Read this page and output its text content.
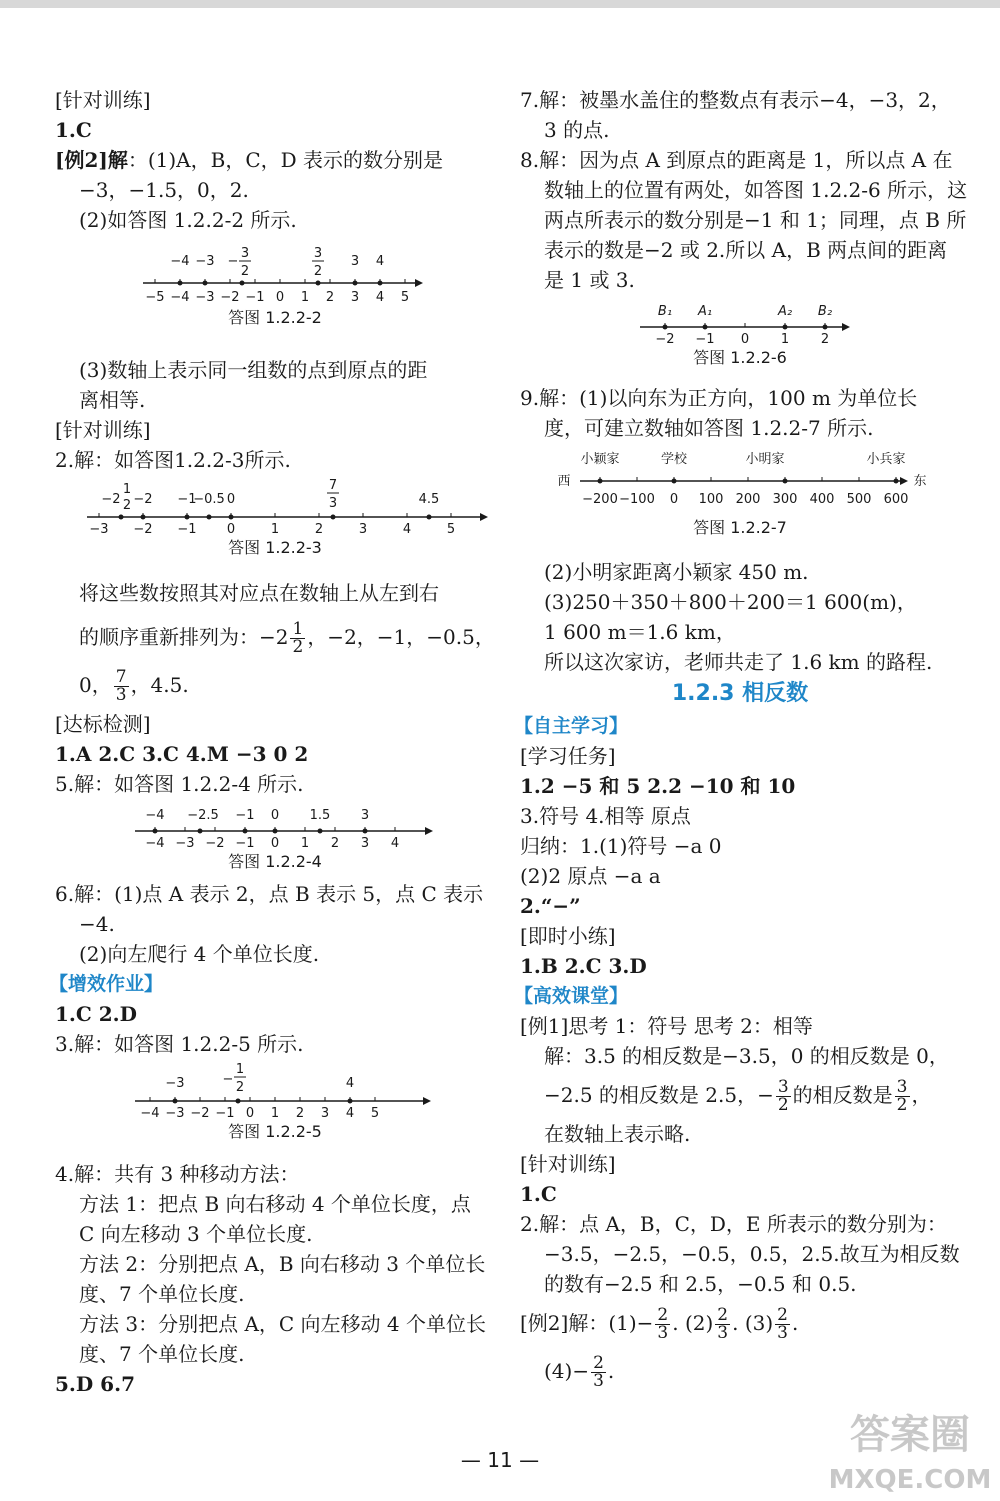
[针对训练]
1.C
[例2]解：(1)A，B，C，D 表示的数分别是
−3，−1.5，0，2.
(2)如答图 1.2.2-2 所示.
−4 −3 −
3
2
3
2
3 4
−5 −4 −3 −2 −1 0 1 2 3 4 5
答图 1.2.2-2
(3)数轴上表示同一组数的点到原点的距
离相等.
[针对训练]
2.解：如答图1.2.2-3所示.
−2
1
2 −2 −1
−0.5 0
7
3	4.5
−3 −2 −1 0	1	2	3	4	5
答图 1.2.2-3
将这些数按照其对应点在数轴上从左到右
的顺序重新排列为：$-2 \frac{1}{2}$ ，−2，−1，−0.5，
0， $\frac{7}{3}$ ，4.5.
[达标检测]
1.A 2.C 3.C 4.M −3 0 2
5.解：如答图 1.2.2-4 所示.
−4 −2.5 −1 0 1.5 3
−4 −3 −2 −1 0 1 2 3 4
答图 1.2.2-4
6.解：(1)点 A 表示 2，点 B 表示 5，点 C 表示
−4.
(2)向左爬行 4 个单位长度.
【增效作业】
1.C 2.D
3.解：如答图 1.2.2-5 所示.
−3	−
1
2	4
−4 −3 −2 −1 0 1 2 3 4 5
答图 1.2.2-5
4.解：共有 3 种移动方法：
方法 1：把点 B 向右移动 4 个单位长度，点
C 向左移动 3 个单位长度.
方法 2：分别把点 A，B 向右移动 3 个单位长
度、7 个单位长度.
方法 3：分别把点 A，C 向左移动 4 个单位长
度、7 个单位长度.
5.D 6.7
7.解：被墨水盖住的整数点有表示−4，−3，2，
3 的点.
8.解：因为点 A 到原点的距离是 1，所以点 A 在
数轴上的位置有两处，如答图 1.2.2-6 所示，这
两点所表示的数分别是−1 和 1；同理，点 B 所
表示的数是−2 或 2.所以 A，B 两点间的距离
是 1 或 3.
B₁ A₁	A₂ B₂
−2 −1 0 1 2
答图 1.2.2-6
9.解：(1)以向东为正方向，100 m 为单位长
度，可建立数轴如答图 1.2.2-7 所示.
小颖家	学校	小明家	小兵家
西	东
−200 −100 0 100 200 300 400 500 600
答图 1.2.2-7
(2)小明家距离小颖家 450 m.
(3)250＋350＋800＋200＝1 600(m)，
1 600 m＝1.6 km，
所以这次家访，老师共走了 1.6 km 的路程.
1.2.3 相反数
【自主学习】
[学习任务]
1.2 −5 和 5 2.2 −10 和 10
3.符号 4.相等 原点
归纳：1.(1)符号 −a 0
(2)2 原点 −a a
2.“−”
[即时小练]
1.B 2.C 3.D
【高效课堂】
[例1]思考 1：符号 思考 2：相等
解：3.5 的相反数是−3.5，0 的相反数是 0，
−2.5 的相反数是 2.5，− $\frac{3}{2}$ 的相反数是 $\frac{3}{2}$ ，
在数轴上表示略.
[针对训练]
1.C
2.解：点 A，B，C，D，E 所表示的数分别为：
−3.5，−2.5，−0.5，0.5，2.5.故互为相反数
的数有−2.5 和 2.5，−0.5 和 0.5.
[例2]解：$(1)- \frac{2}{3}$ . $(2) \frac{2}{3}$ . $(3) \frac{2}{3}$ .
$(4)- \frac{2}{3}$ .
— 11 —
答案圈
MXQE.COM
